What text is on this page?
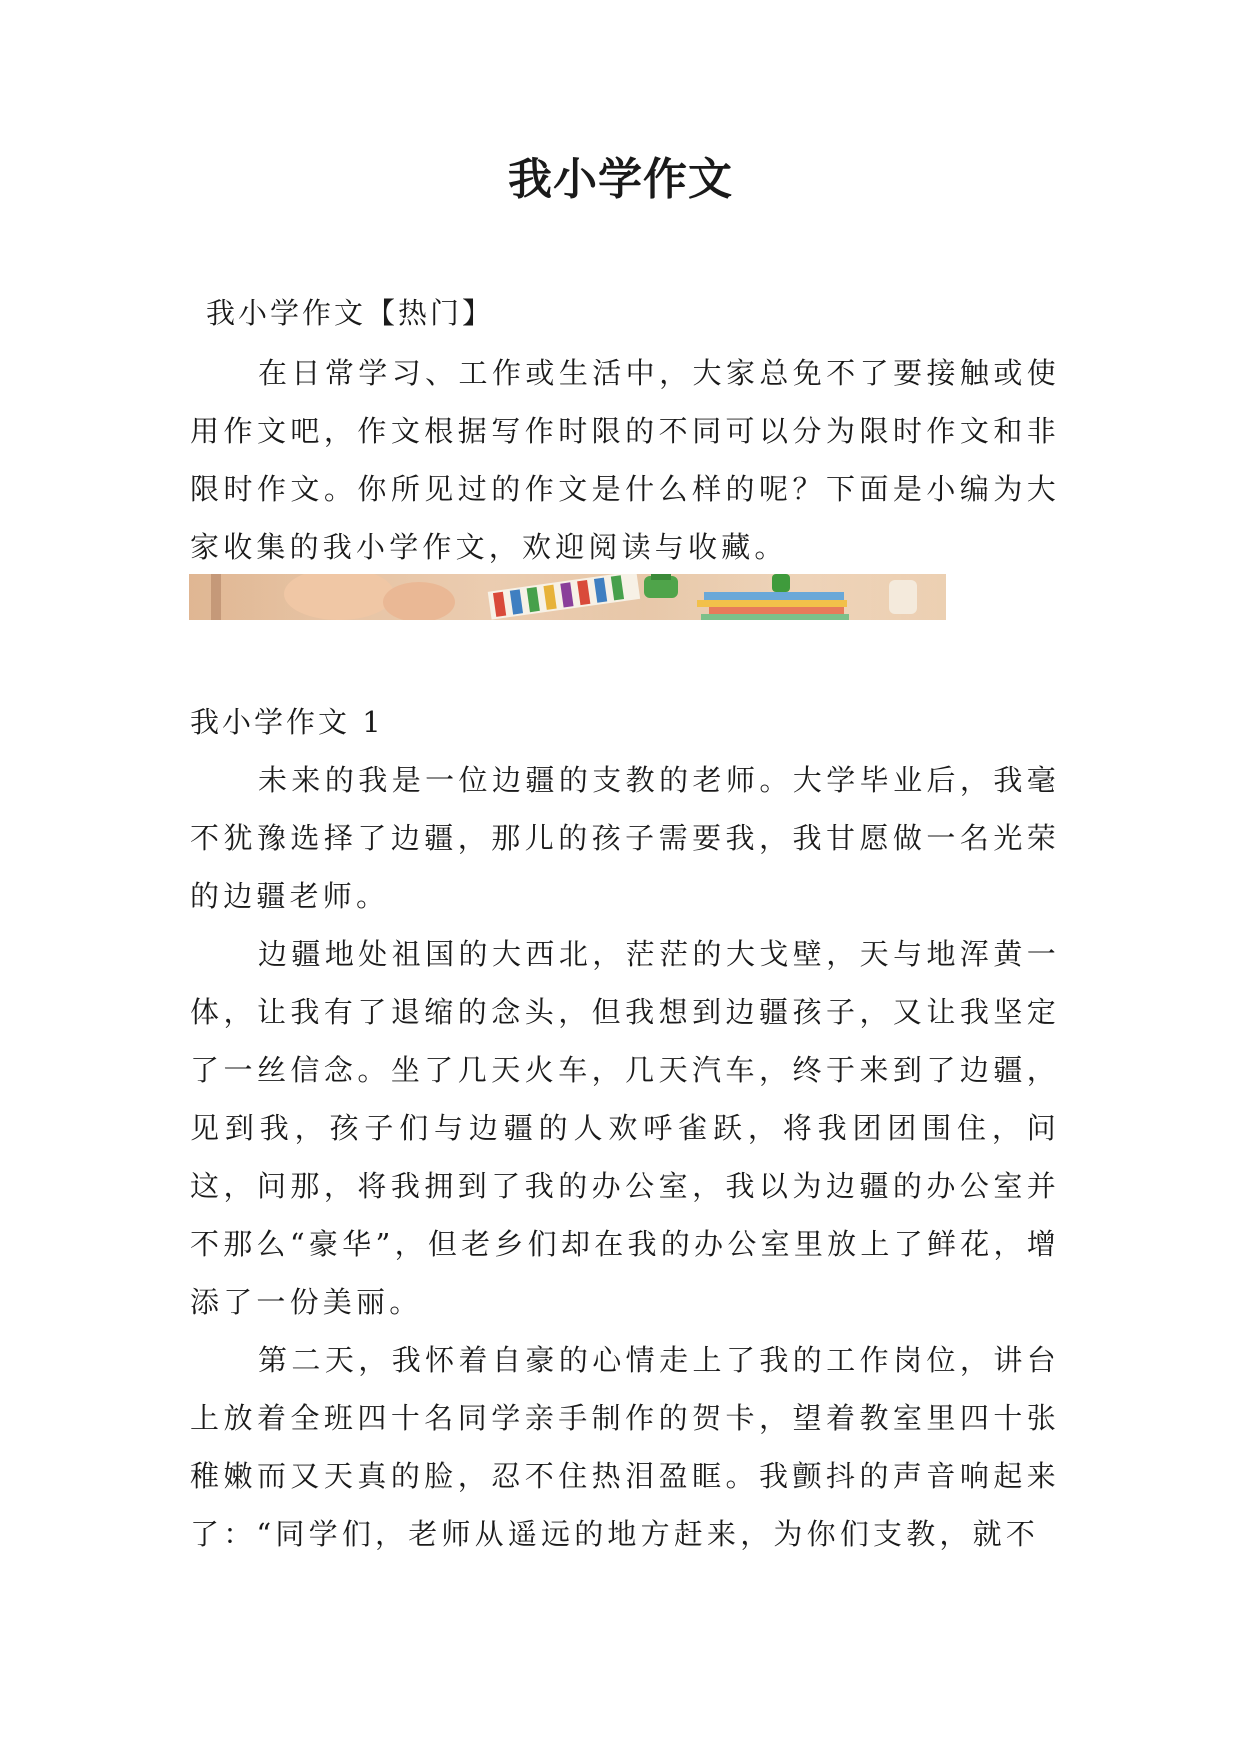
我小学作文

我小学作文【热门】

在日常学习、工作或生活中，大家总免不了要接触或使用作文吧，作文根据写作时限的不同可以分为限时作文和非限时作文。你所见过的作文是什么样的呢？下面是小编为大家收集的我小学作文，欢迎阅读与收藏。

我小学作文 1

未来的我是一位边疆的支教的老师。大学毕业后，我毫不犹豫选择了边疆，那儿的孩子需要我，我甘愿做一名光荣的边疆老师。

边疆地处祖国的大西北，茫茫的大戈壁，天与地浑黄一体，让我有了退缩的念头，但我想到边疆孩子，又让我坚定了一丝信念。坐了几天火车，几天汽车，终于来到了边疆，见到我，孩子们与边疆的人欢呼雀跃，将我团团围住，问这，问那，将我拥到了我的办公室，我以为边疆的办公室并不那么“豪华”，但老乡们却在我的办公室里放上了鲜花，增添了一份美丽。

第二天，我怀着自豪的心情走上了我的工作岗位，讲台上放着全班四十名同学亲手制作的贺卡，望着教室里四十张稚嫩而又天真的脸，忍不住热泪盈眶。我颤抖的声音响起来了：“同学们，老师从遥远的地方赶来，为你们支教，就不
